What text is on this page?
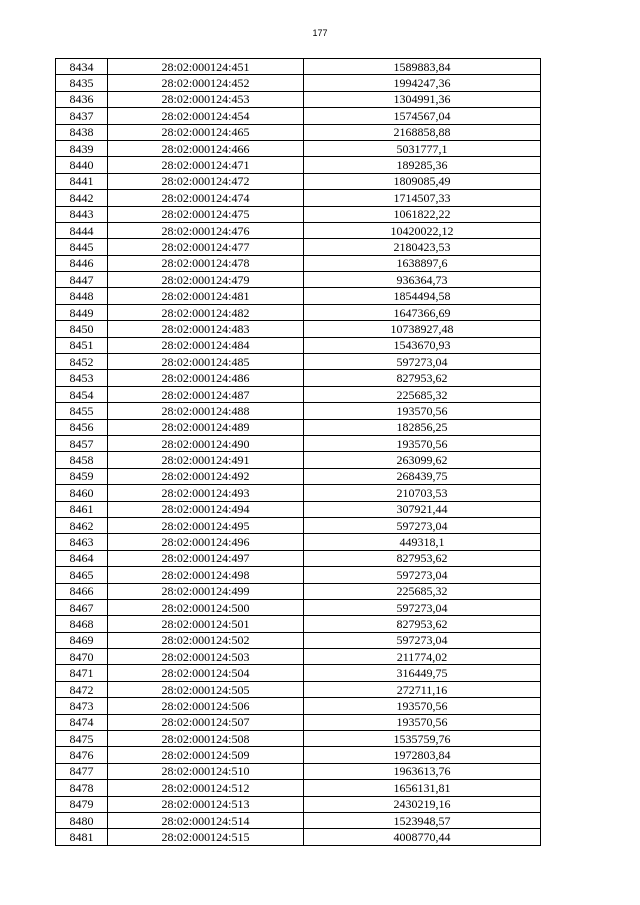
177
8434	28:02:000124:451	1589883,84
8435	28:02:000124:452	1994247,36
8436	28:02:000124:453	1304991,36
8437	28:02:000124:454	1574567,04
8438	28:02:000124:465	2168858,88
8439	28:02:000124:466	5031777,1
8440	28:02:000124:471	189285,36
8441	28:02:000124:472	1809085,49
8442	28:02:000124:474	1714507,33
8443	28:02:000124:475	1061822,22
8444	28:02:000124:476	10420022,12
8445	28:02:000124:477	2180423,53
8446	28:02:000124:478	1638897,6
8447	28:02:000124:479	936364,73
8448	28:02:000124:481	1854494,58
8449	28:02:000124:482	1647366,69
8450	28:02:000124:483	10738927,48
8451	28:02:000124:484	1543670,93
8452	28:02:000124:485	597273,04
8453	28:02:000124:486	827953,62
8454	28:02:000124:487	225685,32
8455	28:02:000124:488	193570,56
8456	28:02:000124:489	182856,25
8457	28:02:000124:490	193570,56
8458	28:02:000124:491	263099,62
8459	28:02:000124:492	268439,75
8460	28:02:000124:493	210703,53
8461	28:02:000124:494	307921,44
8462	28:02:000124:495	597273,04
8463	28:02:000124:496	449318,1
8464	28:02:000124:497	827953,62
8465	28:02:000124:498	597273,04
8466	28:02:000124:499	225685,32
8467	28:02:000124:500	597273,04
8468	28:02:000124:501	827953,62
8469	28:02:000124:502	597273,04
8470	28:02:000124:503	211774,02
8471	28:02:000124:504	316449,75
8472	28:02:000124:505	272711,16
8473	28:02:000124:506	193570,56
8474	28:02:000124:507	193570,56
8475	28:02:000124:508	1535759,76
8476	28:02:000124:509	1972803,84
8477	28:02:000124:510	1963613,76
8478	28:02:000124:512	1656131,81
8479	28:02:000124:513	2430219,16
8480	28:02:000124:514	1523948,57
8481	28:02:000124:515	4008770,44
